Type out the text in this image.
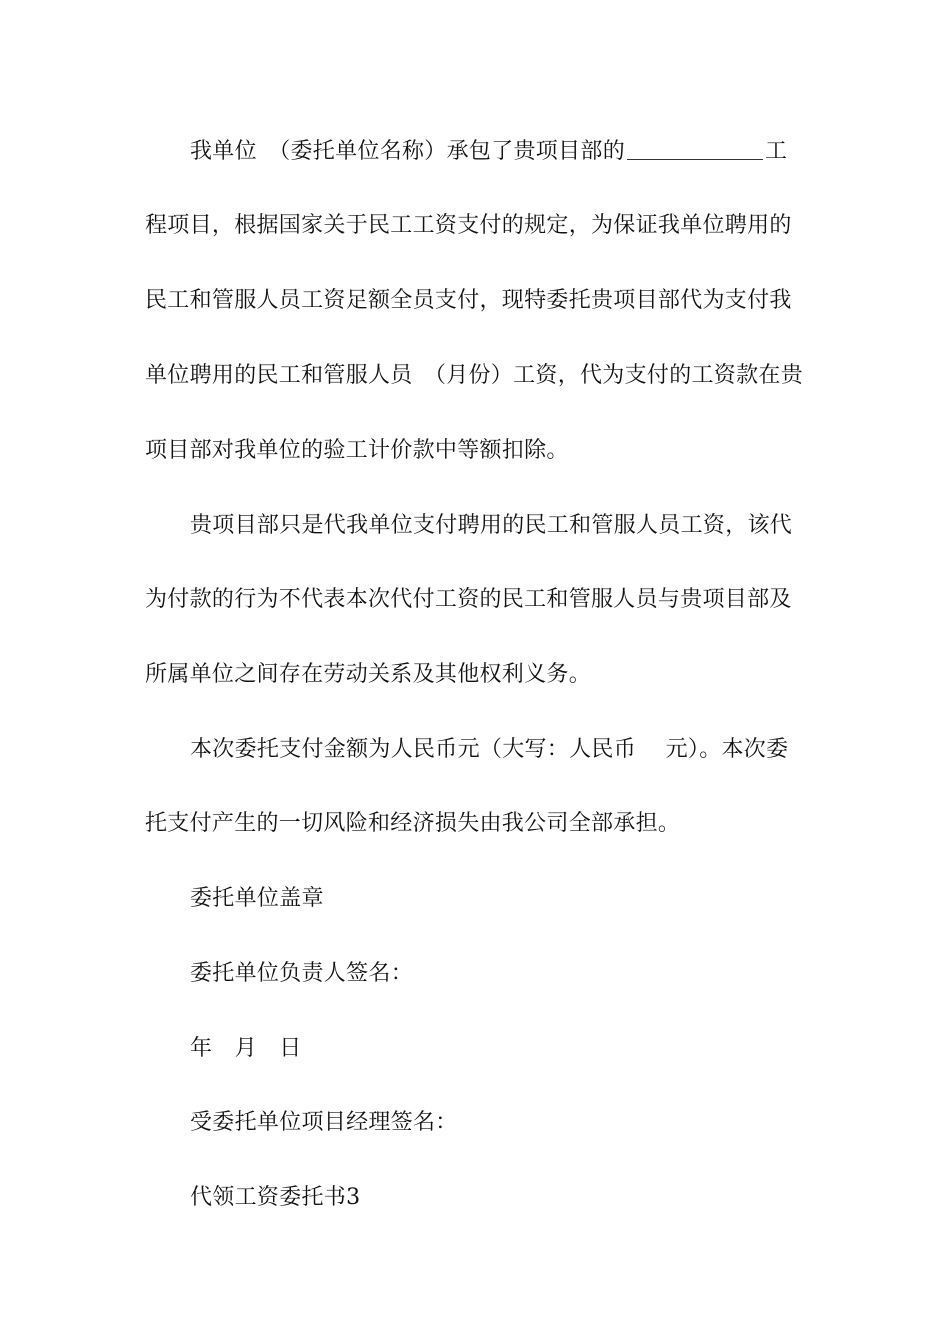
我单位　（委托单位名称）承包了贵项目部的	工
程项目，根据国家关于民工工资支付的规定，为保证我单位聘用的
民工和管服人员工资足额全员支付，现特委托贵项目部代为支付我
单位聘用的民工和管服人员　（月份）工资，代为支付的工资款在贵
项目部对我单位的验工计价款中等额扣除。
贵项目部只是代我单位支付聘用的民工和管服人员工资，该代
为付款的行为不代表本次代付工资的民工和管服人员与贵项目部及
所属单位之间存在劳动关系及其他权利义务。
本次委托支付金额为人民币元（大写：人民币　 元）。本次委
托支付产生的一切风险和经济损失由我公司全部承担。
委托单位盖章
委托单位负责人签名：
年　月　日
受委托单位项目经理签名：
代领工资委托书3
